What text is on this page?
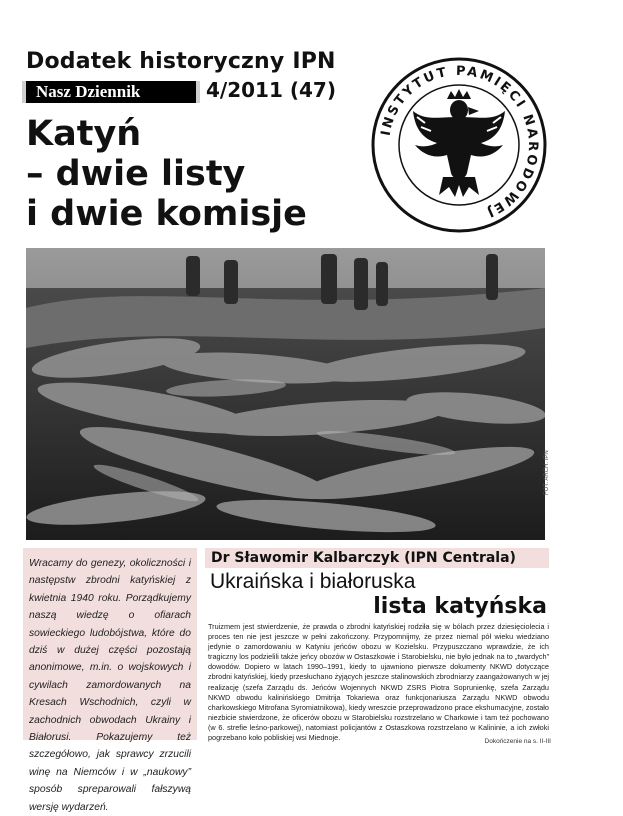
Dodatek historyczny IPN
Nasz Dziennik	4/2011 (47)
Katyń
– dwie listy
i dwie komisje
INSTYTUT PAMIĘCI NARODOWEJ
FOT. ARCH. IPN
Wracamy do genezy, okoliczności i następstw zbrodni katyńskiej z kwietnia 1940 roku. Porządkujemy naszą wiedzę o ofiarach sowieckiego ludobójstwa, które do dziś w dużej części pozostają anonimowe, m.in. o wojskowych i cywilach zamordowanych na Kresach Wschodnich, czyli w zachodnich obwodach Ukrainy i Białorusi. Pokazujemy też szczegółowo, jak sprawcy zrzucili winę na Niemców i w „naukowy” sposób spreparowali fałszywą wersję wydarzeń.
Dr Sławomir Kalbarczyk (IPN Centrala)
Ukraińska i białoruska
lista katyńska

Truizmem jest stwierdzenie, że prawda o zbrodni katyńskiej rodziła się w bólach przez dziesięciolecia i proces ten nie jest jeszcze w pełni zakończony. Przypomnijmy, że przez niemal pół wieku wiedziano jedynie o zamordowaniu w Katyniu jeńców obozu w Kozielsku. Przypuszczano wprawdzie, że ich tragiczny los podzielili także jeńcy obozów w Ostaszkowie i Starobielsku, nie było jednak na to „twardych” dowodów. Dopiero w latach 1990–1991, kiedy to ujawniono pierwsze dokumenty NKWD dotyczące zbrodni katyńskiej, kiedy przesłuchano żyjących jeszcze stalinowskich zbrodniarzy zaangażowanych w jej realizację (szefa Zarządu ds. Jeńców Wojennych NKWD ZSRS Piotra Soprunienkę, szefa Zarządu NKWD obwodu kalinińskiego Dmitrija Tokariewa oraz funkcjonariusza Zarządu NKWD obwodu charkowskiego Mitrofana Syromiatnikowa), kiedy wreszcie przeprowadzono prace ekshumacyjne, zostało niezbicie stwierdzone, że oficerów obozu w Starobielsku rozstrzelano w Charkowie i tam też pochowano (w 6. strefie leśno-parkowej), natomiast policjantów z Ostaszkowa rozstrzelano w Kalininie, a ich zwłoki pogrzebano koło pobliskiej wsi Miednoje.	Dokończenie na s. II-III
